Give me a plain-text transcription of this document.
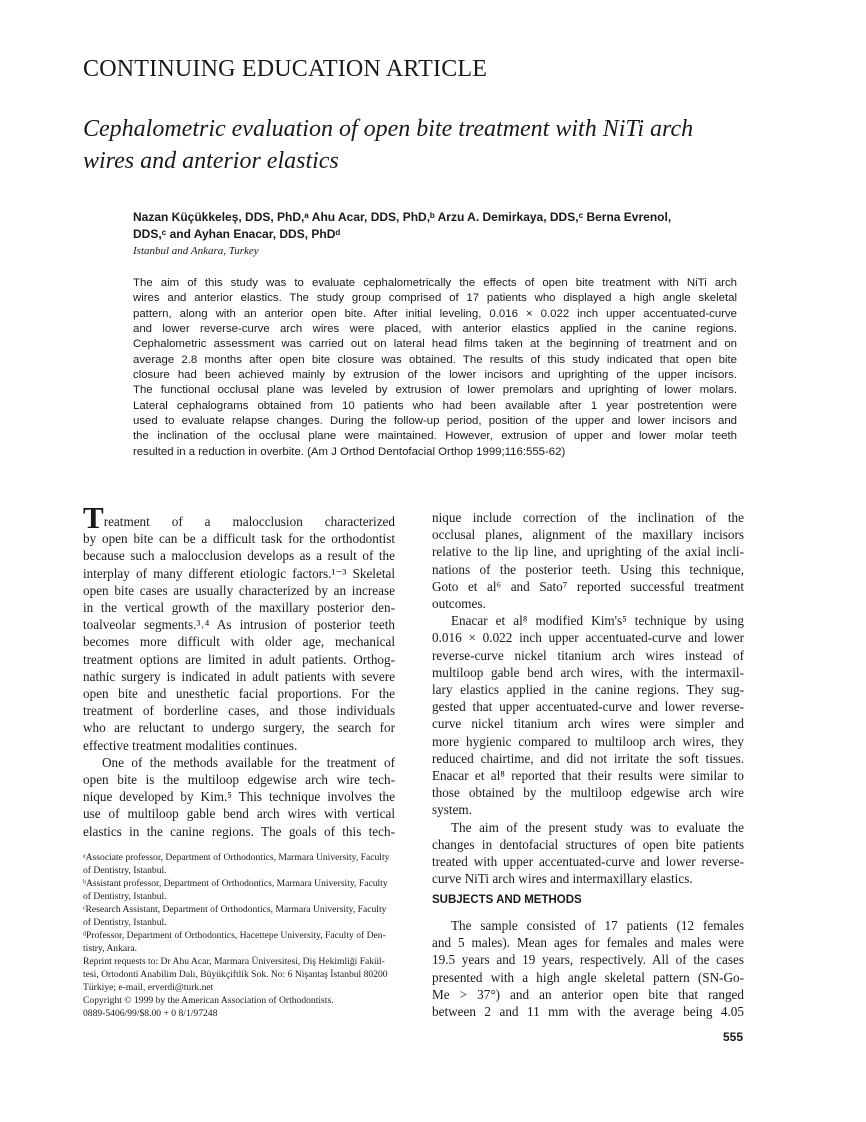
CONTINUING EDUCATION ARTICLE
Cephalometric evaluation of open bite treatment with NiTi arch
wires and anterior elastics
Nazan Küçükkeleş, DDS, PhD,ᵃ Ahu Acar, DDS, PhD,ᵇ Arzu A. Demirkaya, DDS,ᶜ Berna Evrenol,
DDS,ᶜ and Ayhan Enacar, DDS, PhDᵈ
Istanbul and Ankara, Turkey
The aim of this study was to evaluate cephalometrically the effects of open bite treatment with NiTi arch
wires and anterior elastics. The study group comprised of 17 patients who displayed a high angle skeletal
pattern, along with an anterior open bite. After initial leveling, 0.016 × 0.022 inch upper accentuated-curve
and lower reverse-curve arch wires were placed, with anterior elastics applied in the canine regions.
Cephalometric assessment was carried out on lateral head films taken at the beginning of treatment and on
average 2.8 months after open bite closure was obtained. The results of this study indicated that open bite
closure had been achieved mainly by extrusion of the lower incisors and uprighting of the upper incisors.
The functional occlusal plane was leveled by extrusion of lower premolars and uprighting of lower molars.
Lateral cephalograms obtained from 10 patients who had been available after 1 year postretention were
used to evaluate relapse changes. During the follow-up period, position of the upper and lower incisors and
the inclination of the occlusal plane were maintained. However, extrusion of upper and lower molar teeth
resulted in a reduction in overbite. (Am J Orthod Dentofacial Orthop 1999;116:555-62)
Treatment of a malocclusion characterized
by open bite can be a difficult task for the orthodontist
because such a malocclusion develops as a result of the
interplay of many different etiologic factors.¹⁻³ Skeletal
open bite cases are usually characterized by an increase
in the vertical growth of the maxillary posterior den-
toalveolar segments.³˒⁴ As intrusion of posterior teeth
becomes more difficult with older age, mechanical
treatment options are limited in adult patients. Orthog-
nathic surgery is indicated in adult patients with severe
open bite and unesthetic facial proportions. For the
treatment of borderline cases, and those individuals
who are reluctant to undergo surgery, the search for
effective treatment modalities continues.
One of the methods available for the treatment of
open bite is the multiloop edgewise arch wire tech-
nique developed by Kim.⁵ This technique involves the
use of multiloop gable bend arch wires with vertical
elastics in the canine regions. The goals of this tech-
nique include correction of the inclination of the
occlusal planes, alignment of the maxillary incisors
relative to the lip line, and uprighting of the axial incli-
nations of the posterior teeth. Using this technique,
Goto et al⁶ and Sato⁷ reported successful treatment
outcomes.
Enacar et al⁸ modified Kim's⁵ technique by using
0.016 × 0.022 inch upper accentuated-curve and lower
reverse-curve nickel titanium arch wires instead of
multiloop gable bend arch wires, with the intermaxil-
lary elastics applied in the canine regions. They sug-
gested that upper accentuated-curve and lower reverse-
curve nickel titanium arch wires were simpler and
more hygienic compared to multiloop arch wires, they
reduced chairtime, and did not irritate the soft tissues.
Enacar et al⁸ reported that their results were similar to
those obtained by the multiloop edgewise arch wire
system.
The aim of the present study was to evaluate the
changes in dentofacial structures of open bite patients
treated with upper accentuated-curve and lower reverse-
curve NiTi arch wires and intermaxillary elastics.
SUBJECTS AND METHODS
The sample consisted of 17 patients (12 females
and 5 males). Mean ages for females and males were
19.5 years and 19 years, respectively. All of the cases
presented with a high angle skeletal pattern (SN-Go-
Me > 37°) and an anterior open bite that ranged
between 2 and 11 mm with the average being 4.05
ᵃAssociate professor, Department of Orthodontics, Marmara University, Faculty
of Dentistry, Istanbul.
ᵇAssistant professor, Department of Orthodontics, Marmara University, Faculty
of Dentistry, Istanbul.
ᶜResearch Assistant, Department of Orthodontics, Marmara University, Faculty
of Dentistry, Istanbul.
ᵈProfessor, Department of Orthodontics, Hacettepe University, Faculty of Den-
tistry, Ankara.
Reprint requests to: Dr Ahu Acar, Marmara Üniversitesi, Diş Hekimliği Fakül-
tesi, Ortodonti Anabilim Dalı, Büyükçiftlik Sok. No: 6 Nişantaş İstanbul 80200
Türkiye; e-mail, erverdi@turk.net
Copyright © 1999 by the American Association of Orthodontists.
0889-5406/99/$8.00 + 0 8/1/97248
555
